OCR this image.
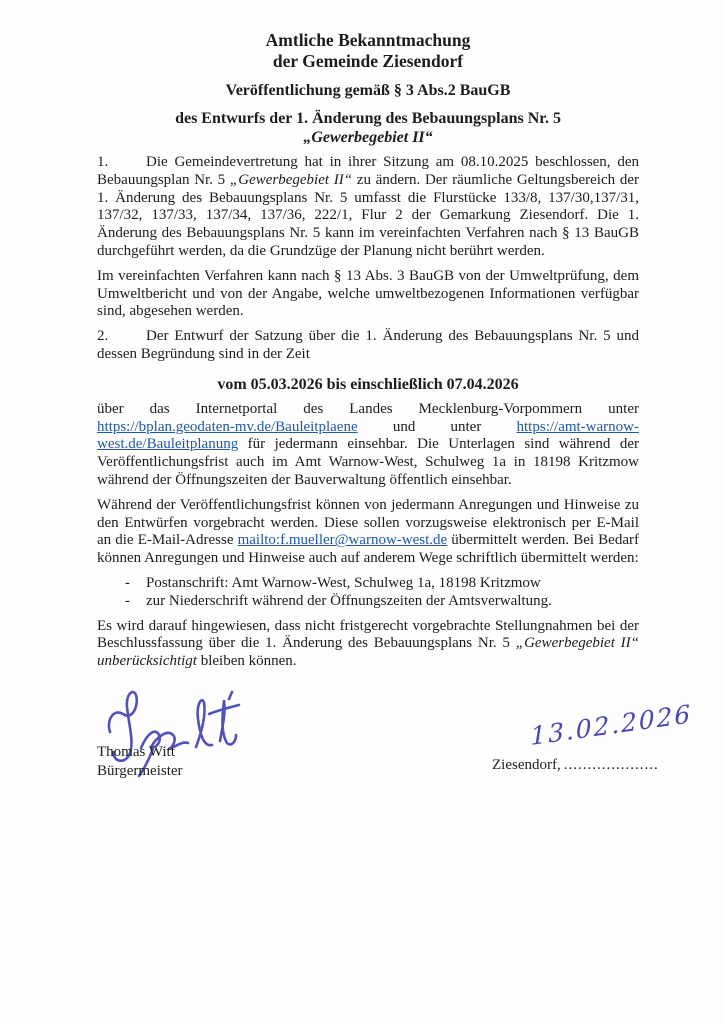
Amtliche Bekanntmachung
der Gemeinde Ziesendorf
Veröffentlichung gemäß § 3 Abs.2 BauGB
des Entwurfs der 1. Änderung des Bebauungsplans Nr. 5
„Gewerbegebiet II“
1.	Die Gemeindevertretung hat in ihrer Sitzung am 08.10.2025 beschlossen, den Bebauungsplan Nr. 5 „Gewerbegebiet II“ zu ändern. Der räumliche Geltungsbereich der 1. Änderung des Bebauungsplans Nr. 5 umfasst die Flurstücke 133/8, 137/30,137/31, 137/32, 137/33, 137/34, 137/36, 222/1, Flur 2 der Gemarkung Ziesendorf. Die 1. Änderung des Bebauungsplans Nr. 5 kann im vereinfachten Verfahren nach § 13 BauGB durchgeführt werden, da die Grundzüge der Planung nicht berührt werden.
Im vereinfachten Verfahren kann nach § 13 Abs. 3 BauGB von der Umweltprüfung, dem Umweltbericht und von der Angabe, welche umweltbezogenen Informationen verfügbar sind, abgesehen werden.
2.	Der Entwurf der Satzung über die 1. Änderung des Bebauungsplans Nr. 5 und dessen Begründung sind in der Zeit
vom 05.03.2026 bis einschließlich 07.04.2026
über das Internetportal des Landes Mecklenburg-Vorpommern unter https://bplan.geodaten-mv.de/Bauleitplaene und unter https://amt-warnow-west.de/Bauleitplanung für jedermann einsehbar. Die Unterlagen sind während der Veröffentlichungsfrist auch im Amt Warnow-West, Schulweg 1a in 18198 Kritzmow während der Öffnungszeiten der Bauverwaltung öffentlich einsehbar.
Während der Veröffentlichungsfrist können von jedermann Anregungen und Hinweise zu den Entwürfen vorgebracht werden. Diese sollen vorzugsweise elektronisch per E-Mail an die E-Mail-Adresse mailto:f.mueller@warnow-west.de übermittelt werden. Bei Bedarf können Anregungen und Hinweise auch auf anderem Wege schriftlich übermittelt werden:
-	Postanschrift: Amt Warnow-West, Schulweg 1a, 18198 Kritzmow
-	zur Niederschrift während der Öffnungszeiten der Amtsverwaltung.
Es wird darauf hingewiesen, dass nicht fristgerecht vorgebrachte Stellungnahmen bei der Beschlussfassung über die 1. Änderung des Bebauungsplans Nr. 5 „Gewerbegebiet II“ unberücksichtigt bleiben können.
Thomas Witt
Bürgermeister
13.02.2026
Ziesendorf, ....................
